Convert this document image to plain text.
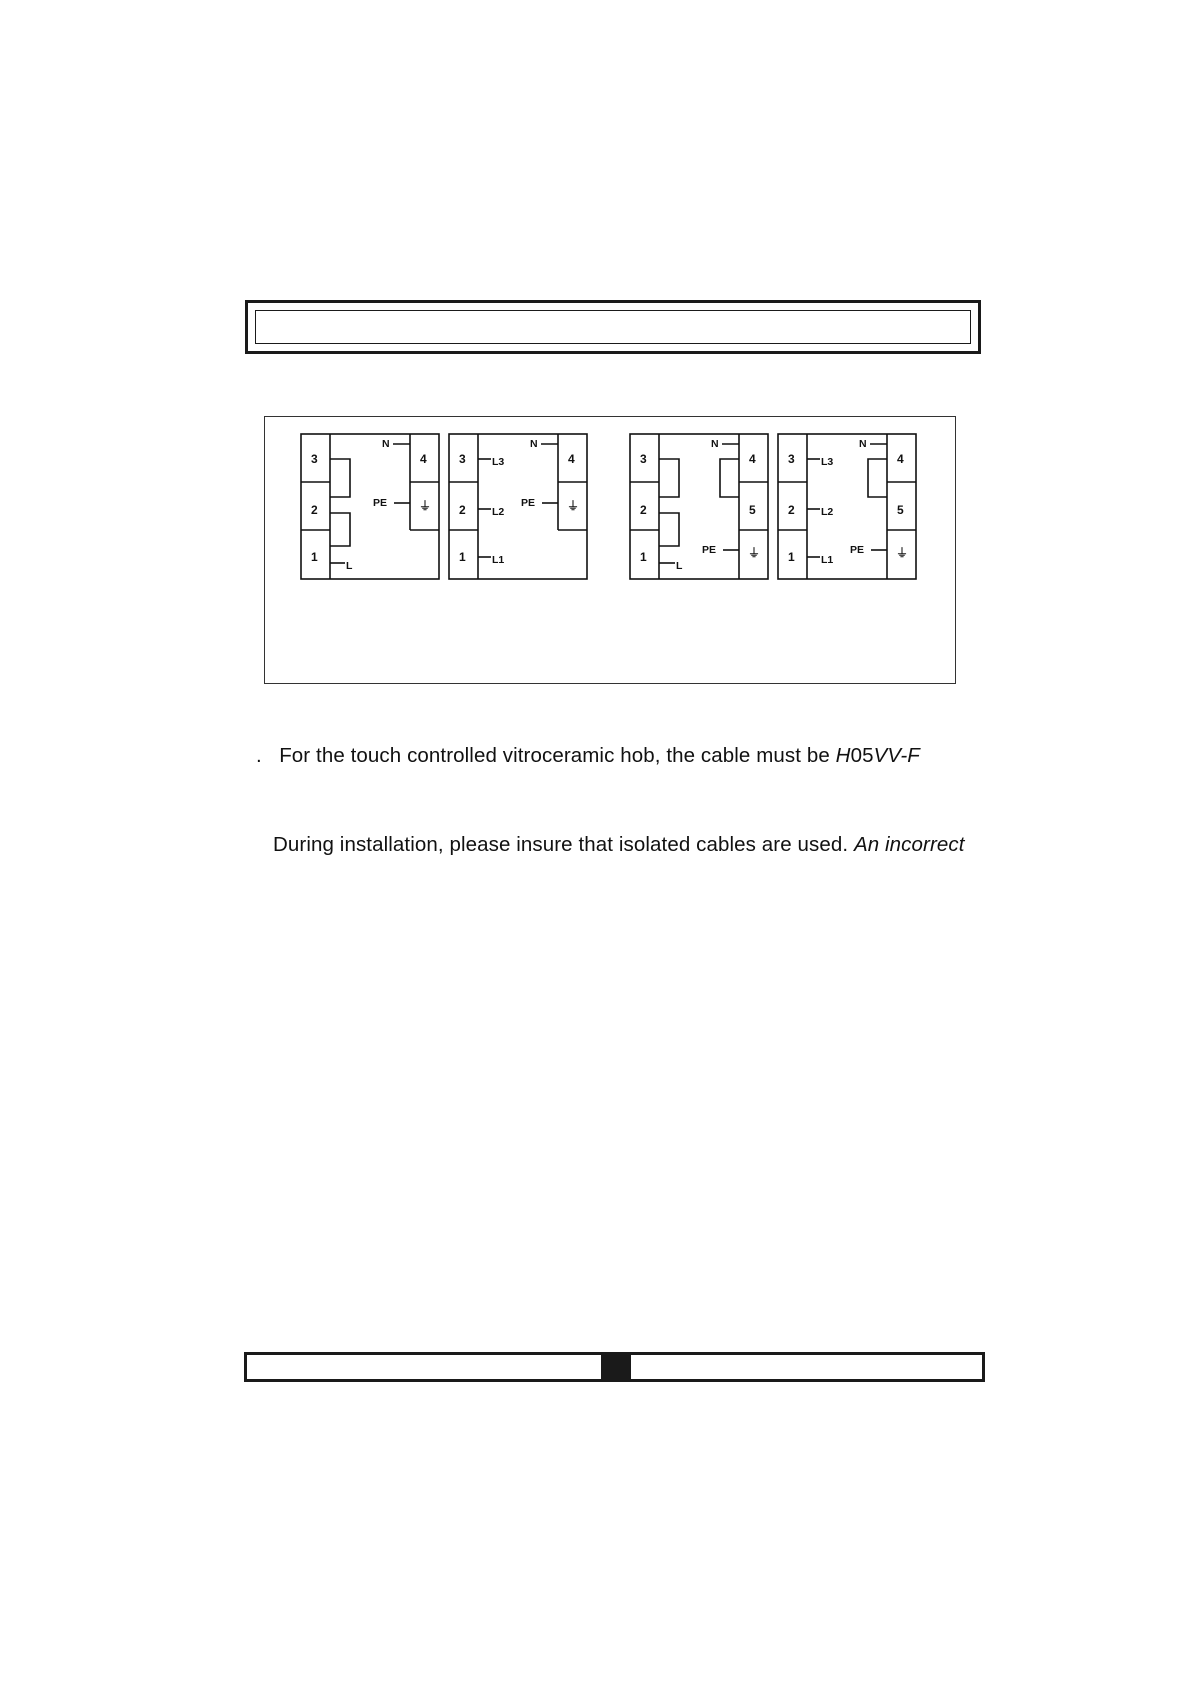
3
2
1
4
⏚
N
PE
L
3
2
1
4
⏚
N
PE
L3
L2
L1
3
2
1
4
5
⏚
N
PE
L
3
2
1
4
5
⏚
N
PE
L3
L2
L1
. For the touch controlled vitroceramic hob, the cable must be H05VV-F
During installation, please insure that isolated cables are used. An incorrect
